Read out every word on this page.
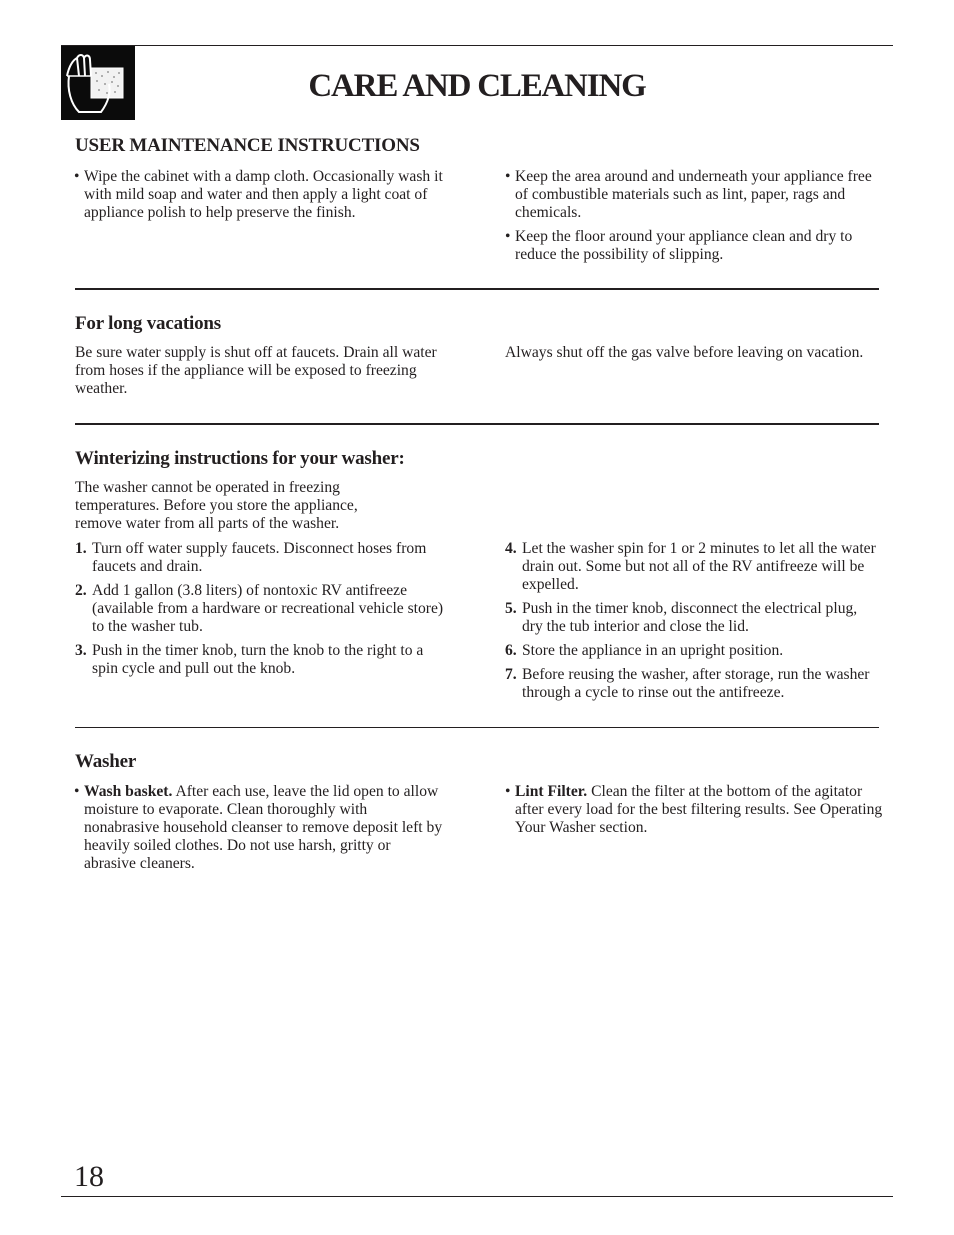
CARE AND CLEANING
USER MAINTENANCE INSTRUCTIONS
• Wipe the cabinet with a damp cloth. Occasionally wash it with mild soap and water and then apply a light coat of appliance polish to help preserve the finish.
• Keep the area around and underneath your appliance free of combustible materials such as lint, paper, rags and chemicals.
• Keep the floor around your appliance clean and dry to reduce the possibility of slipping.
For long vacations
Be sure water supply is shut off at faucets. Drain all water from hoses if the appliance will be exposed to freezing weather.
Always shut off the gas valve before leaving on vacation.
Winterizing instructions for your washer:
The washer cannot be operated in freezing temperatures. Before you store the appliance, remove water from all parts of the washer.
1. Turn off water supply faucets. Disconnect hoses from faucets and drain.
2. Add 1 gallon (3.8 liters) of nontoxic RV antifreeze (available from a hardware or recreational vehicle store) to the washer tub.
3. Push in the timer knob, turn the knob to the right to a spin cycle and pull out the knob.
4. Let the washer spin for 1 or 2 minutes to let all the water drain out. Some but not all of the RV antifreeze will be expelled.
5. Push in the timer knob, disconnect the electrical plug, dry the tub interior and close the lid.
6. Store the appliance in an upright position.
7. Before reusing the washer, after storage, run the washer through a cycle to rinse out the antifreeze.
Washer
• Wash basket. After each use, leave the lid open to allow moisture to evaporate. Clean thoroughly with nonabrasive household cleanser to remove deposit left by heavily soiled clothes. Do not use harsh, gritty or abrasive cleaners.
• Lint Filter. Clean the filter at the bottom of the agitator after every load for the best filtering results. See Operating Your Washer section.
18
